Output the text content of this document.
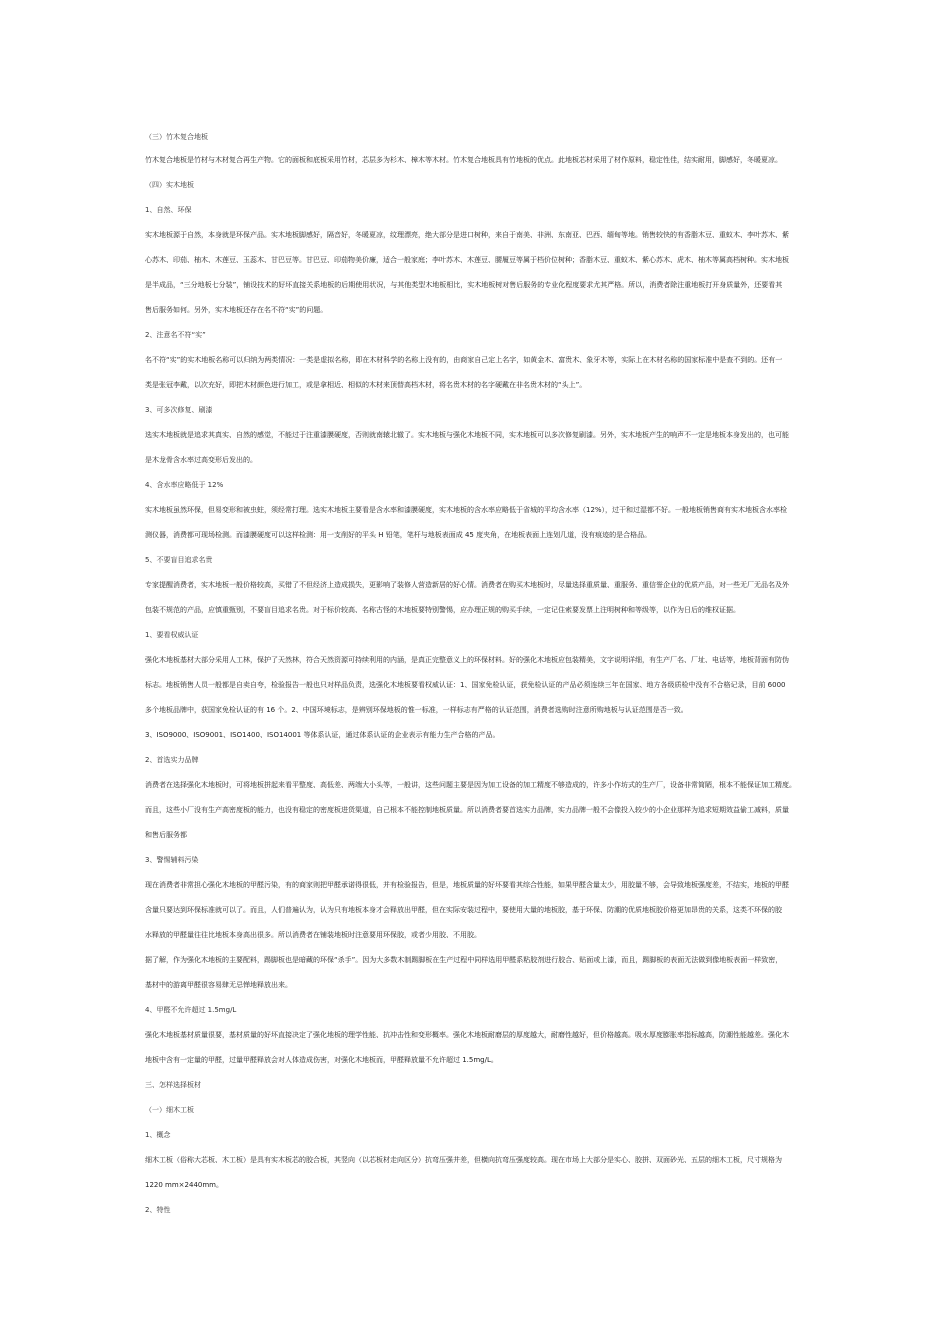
（三）竹木复合地板
竹木复合地板是竹材与木材复合再生产物。它的面板和底板采用竹材，芯层多为杉木、樟木等木材。竹木复合地板具有竹地板的优点。此地板芯材采用了材作原料，稳定性佳，结实耐用，脚感好，冬暖夏凉。
（四）实木地板
1、自然、环保
实木地板源于自然，本身就是环保产品。实木地板脚感好，隔音好，冬暖夏凉，纹理漂亮，绝大部分是进口树种，来自于南美、非洲、东南亚、巴西、缅甸等地。销售较快的有香脂木豆、重蚁木、李叶苏木、紫
心苏木、印茄、柚木、木莲豆、玉蕊木、甘巴豆等。甘巴豆、印茄物美价廉，适合一般家庭；李叶苏木、木莲豆、腰履豆等属于档价位树种；香脂木豆、重蚁木、紫心苏木、虎木、柚木等属高档树种。实木地板
是半成品，“三分地板七分装”，铺设技术的好坏直接关系地板的后期使用状况，与其他类型木地板相比，实木地板树对售后服务的专业化程度要求尤其严格。所以，消费者除注重地板打开身质量外，还要看其
售后服务如何。另外，实木地板还存在名不符“实”的问题。
2、注意名不符“实”
名不符“实”的实木地板名称可以归纳为两类情况：一类是虚拟名称，即在木材科学的名称上没有的，由商家自己定上名字，如黄金木、富贵木、象牙木等，实际上在木材名称的国家标准中是查不到的。还有一
类是张冠李戴，以次充好，即把木材颜色进行加工，或是拿相近、相似的木材来顶替高档木材，将名贵木材的名字硬戴在非名贵木材的“头上”。
3、可多次修复、刷漆
选实木地板就是追求其真实、自然的感觉，不能过于注重漆膜硬度，否则就南辕北辙了。实木地板与强化木地板不同，实木地板可以多次修复刷漆。另外，实木地板产生的响声不一定是地板本身发出的，也可能
是木龙骨含水率过高变形后发出的。
4、含水率应略低于 12%
实木地板虽然环保，但易变形和被虫蛀，须经常打理。选实木地板主要看是含水率和漆膜硬度，实木地板的含水率应略低于省城的平均含水率（12%），过干和过湿都不好。一般地板销售商有实木地板含水率检
测仪器，消费都可现场检测。而漆膜硬度可以这样检测：用一支削好的平头 H 铅笔，笔杆与地板表面成 45 度夹角，在地板表面上连划几道，没有痕迹的是合格品。
5、不要盲目追求名贵
专家提醒消费者，实木地板一般价格较高，买错了不但经济上造成损失，更影响了装修人营造新居的好心情。消费者在购买木地板时，尽量选择重质量、重服务、重信誉企业的优质产品，对一些无厂无品名及外
包装不规范的产品，应慎重甄别，不要盲目追求名贵。对于标价较高、名称古怪的木地板要特别警惕，应办理正规的购买手续，一定记住索要发票上注明树种和等级等，以作为日后的维权证据。
1、要看权威认证
强化木地板基材大部分采用人工林，保护了天然林，符合天然资源可持续利用的内涵，是真正完整意义上的环保材料。好的强化木地板应包装精美，文字说明详细，有生产厂名、厂址、电话等，地板背面有防伪
标志。地板销售人员一般都是自卖自夸，检验报告一般也只对样品负责，选强化木地板要看权威认证：1、国家免检认证，获免检认证的产品必须连续三年在国家、地方各级质检中没有不合格记录，目前 6000
多个地板品牌中，获国家免检认证的有 16 个。2、中国环境标志，是辨别环保地板的惟一标准，一样标志有严格的认证范围，消费者选购时注意所购地板与认证范围是否一致。
3、ISO9000、ISO9001、ISO1400、ISO14001 等体系认证，通过体系认证的企业表示有能力生产合格的产品。
2、首选实力品牌
消费者在选择强化木地板时，可将地板拼起来看平整度、高低差、两端大小头等，一般讲，这些问题主要是因为加工设备的加工精度不够造成的，许多小作坊式的生产厂，设备非常简陋，根本不能保证加工精度。
而且，这些小厂没有生产高密度板的能力，也没有稳定的密度板进货渠道，自己根本不能控制地板质量。所以消费者要首选实力品牌，实力品牌一般不会像投入较少的小企业那样为追求短期效益偷工减料，质量
和售后服务都
3、警惕辅料污染
现在消费者非常担心强化木地板的甲醛污染，有的商家则把甲醛承诺得很低，并有检验报告，但是，地板质量的好坏要看其综合性能，如果甲醛含量太少，用胶量不够，会导致地板强度差，不结实，地板的甲醛
含量只要达到环保标准就可以了。而且，人们普遍认为，认为只有地板本身才会释放出甲醛，但在实际安装过程中，要使用大量的地板胶，基于环保、防潮的优质地板胶价格更加昂贵的关系，这类不环保的胶
水释放的甲醛量往往比地板本身高出很多。所以消费者在铺装地板时注意要用环保胶，或者少用胶、不用胶。
据了解，作为强化木地板的主要配料，踢脚板也是暗藏的环保“杀手”。因为大多数木制踢脚板在生产过程中同样选用甲醛系粘胶剂进行胶合、贴面或上漆，而且，踢脚板的表面无法做到像地板表面一样致密，
基材中的游离甲醛很容易肆无忌惮地释放出来。
4、甲醛不允许超过 1.5mg/L
强化木地板基材质量很要，基材质量的好坏直接决定了强化地板的理学性能、抗冲击性和变形概率。强化木地板耐磨层的厚度越大，耐磨性越好，但价格越高。吸水厚度膨胀率指标越高，防潮性能越差。强化木
地板中含有一定量的甲醛，过量甲醛释放会对人体造成伤害，对强化木地板而，甲醛释放量不允许超过 1.5mg/L。
三、怎样选择板材
（一）细木工板
1、概念
细木工板（俗称大芯板、木工板）是具有实木板芯的胶合板，其竖向（以芯板材走向区分）抗弯压强井差，但横向抗弯压强度较高。现在市场上大部分是实心、胶拼、双面砂光、五层的细木工板，尺寸规格为
1220 mm×2440mm。
2、特性
